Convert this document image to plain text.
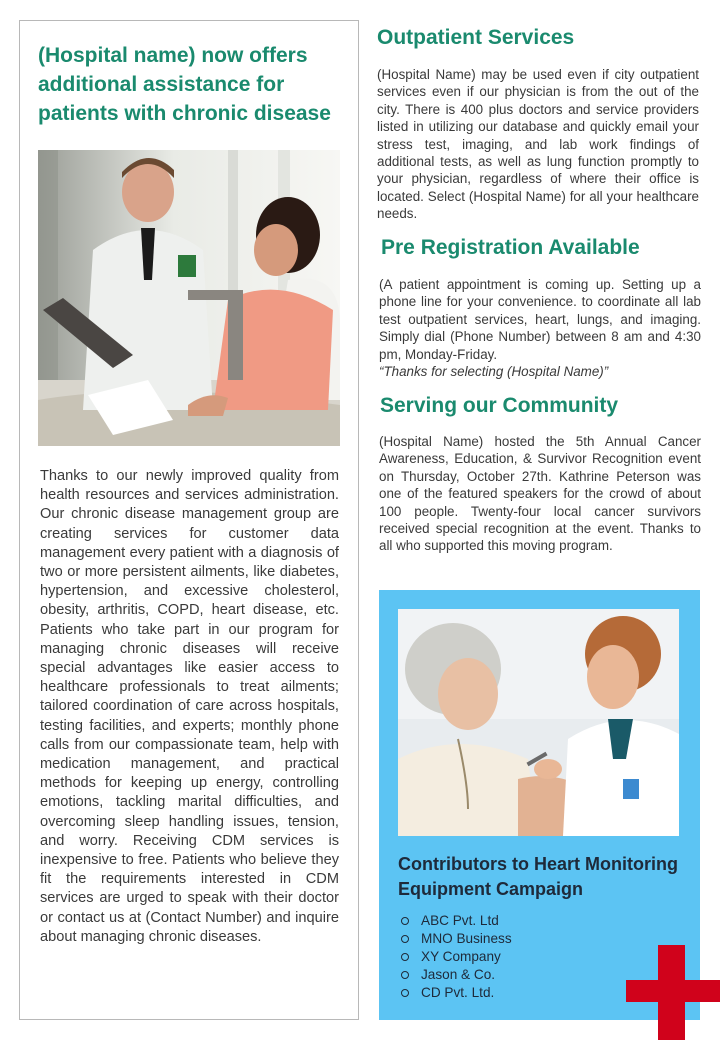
(Hospital name) now offers additional assistance for patients with chronic disease

Thanks to our newly improved quality from health resources and services administration. Our chronic disease management group are creating services for customer data management every patient with a diagnosis of two or more persistent ailments, like diabetes, hypertension, and excessive cholesterol, obesity, arthritis, COPD, heart disease, etc. Patients who take part in our program for managing chronic diseases will receive special advantages like easier access to healthcare professionals to treat ailments; tailored coordination of care across hospitals, testing facilities, and experts; monthly phone calls from our compassionate team, help with medication management, and practical methods for keeping up energy, controlling emotions, tackling marital difficulties, and overcoming sleep handling issues, tension, and worry. Receiving CDM services is inexpensive to free. Patients who believe they fit the requirements interested in CDM services are urged to speak with their doctor or contact us at (Contact Number) and inquire about managing chronic diseases.

Outpatient Services

(Hospital Name) may be used even if city outpatient services even if our physician is from the out of the city. There is 400 plus doctors and service providers listed in utilizing our database and quickly email your stress test, imaging, and lab work findings of additional tests, as well as lung function promptly to your physician, regardless of where their office is located. Select (Hospital Name) for all your healthcare needs.

Pre Registration Available

(A patient appointment is coming up. Setting up a phone line for your convenience. to coordinate all lab test outpatient services, heart, lungs, and imaging. Simply dial (Phone Number) between 8 am and 4:30 pm, Monday-Friday.
“Thanks for selecting (Hospital Name)”

Serving our Community

(Hospital Name) hosted the 5th Annual Cancer Awareness, Education, & Survivor Recognition event on Thursday, October 27th. Kathrine Peterson was one of the featured speakers for the crowd of about 100 people. Twenty-four local cancer survivors received special recognition at the event. Thanks to all who supported this moving program.

Contributors to Heart Monitoring Equipment Campaign
ABC Pvt. Ltd
MNO Business
XY Company
Jason & Co.
CD Pvt. Ltd.
